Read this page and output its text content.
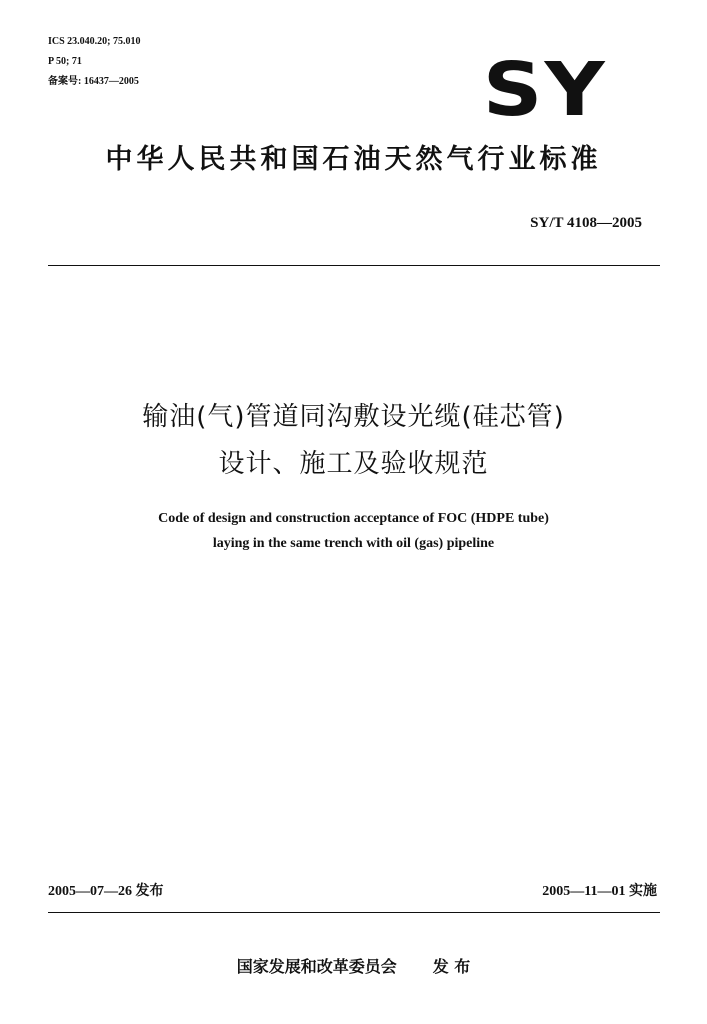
ICS 23.040.20; 75.010
P 50; 71
备案号: 16437—2005	SY
中华人民共和国石油天然气行业标准
SY/T 4108—2005
输油(气)管道同沟敷设光缆(硅芯管)
设计、施工及验收规范
Code of design and construction acceptance of FOC (HDPE tube)
laying in the same trench with oil (gas) pipeline
2005—07—26 发布	2005—11—01 实施
国家发展和改革委员会 发 布
